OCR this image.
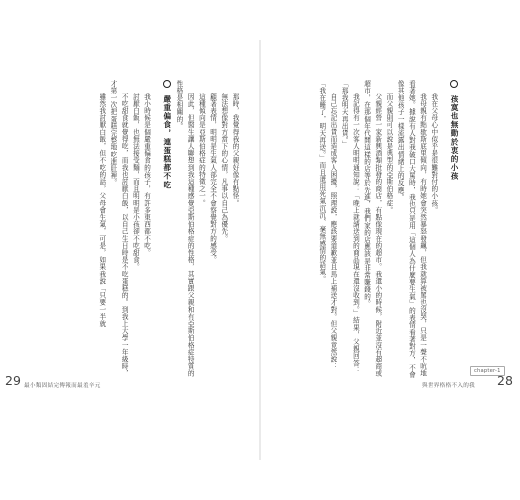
那時，我覺得我的父親好像有點怪。

無法想像對方當下的心情，凡事以自己為優先。

顧著表情，明明是生氣人部完全不會察覺對方的感受。

這種傾向是亞斯伯格症的特徵之一。

因此，但醫生讓人聯想到我這種感覺亞斯伯格症的性格，其實跟父親和有亞斯伯格症特質的性格是相關的。

嚴重偏食，連蛋糕都不吃

我小時候是個嚴重偏食的孩子，有許多東西都不吃。

討厭白飯，也無法接受麵，而且明明是小孩卻不吃甜食。

不吃甜食就覺得吃，而我也討厭白飯，以自己生日時是不吃蛋糕的。到我上大學一年級時，才第一次把蛋糕完整地吃進肚裡。

雖然我討厭白飯，但不吃的話，父母會生氣，可是，如果我說「只要一半就

29 最小類固結完傳報而最羞辛元
孩寞也無動於衷的小孩

我在父母心中似乎是很難對付的小孩。

我母親有點歇斯底里傾向，有時她會突然暴怒發飆，但我就算被罵也沒哭，只是一聲不吭地看著她。據說有人對我破口大罵時，我也只是用「這個人為什麼要生氣」的表情看著對方，不會像其他孩子一樣流露出情緒上的反應。

而父親則可以說是典型的亞斯伯格症。

父親經營一家新興酒類批發的商店，有點像現在的超市。我還小的時候，附近並沒有超商或超市，在那個年代開這樣的店等於先進，我們家的店應該是非常賺錢的。

我記得有一次客人明明通知說：「晚上就請送到的商品現在還沒收到。」結果，父親回答：「那我明天再出貨。」

自己忘記出貨而造成客人困擾，照理說，應該要道歉並且馬上補送才對。但父親竟然說：「我在睡了，明天再送。」而且還用死氣沉沉、毫無感情的語氣。

chapter-1
與世界格格不入的我 28
